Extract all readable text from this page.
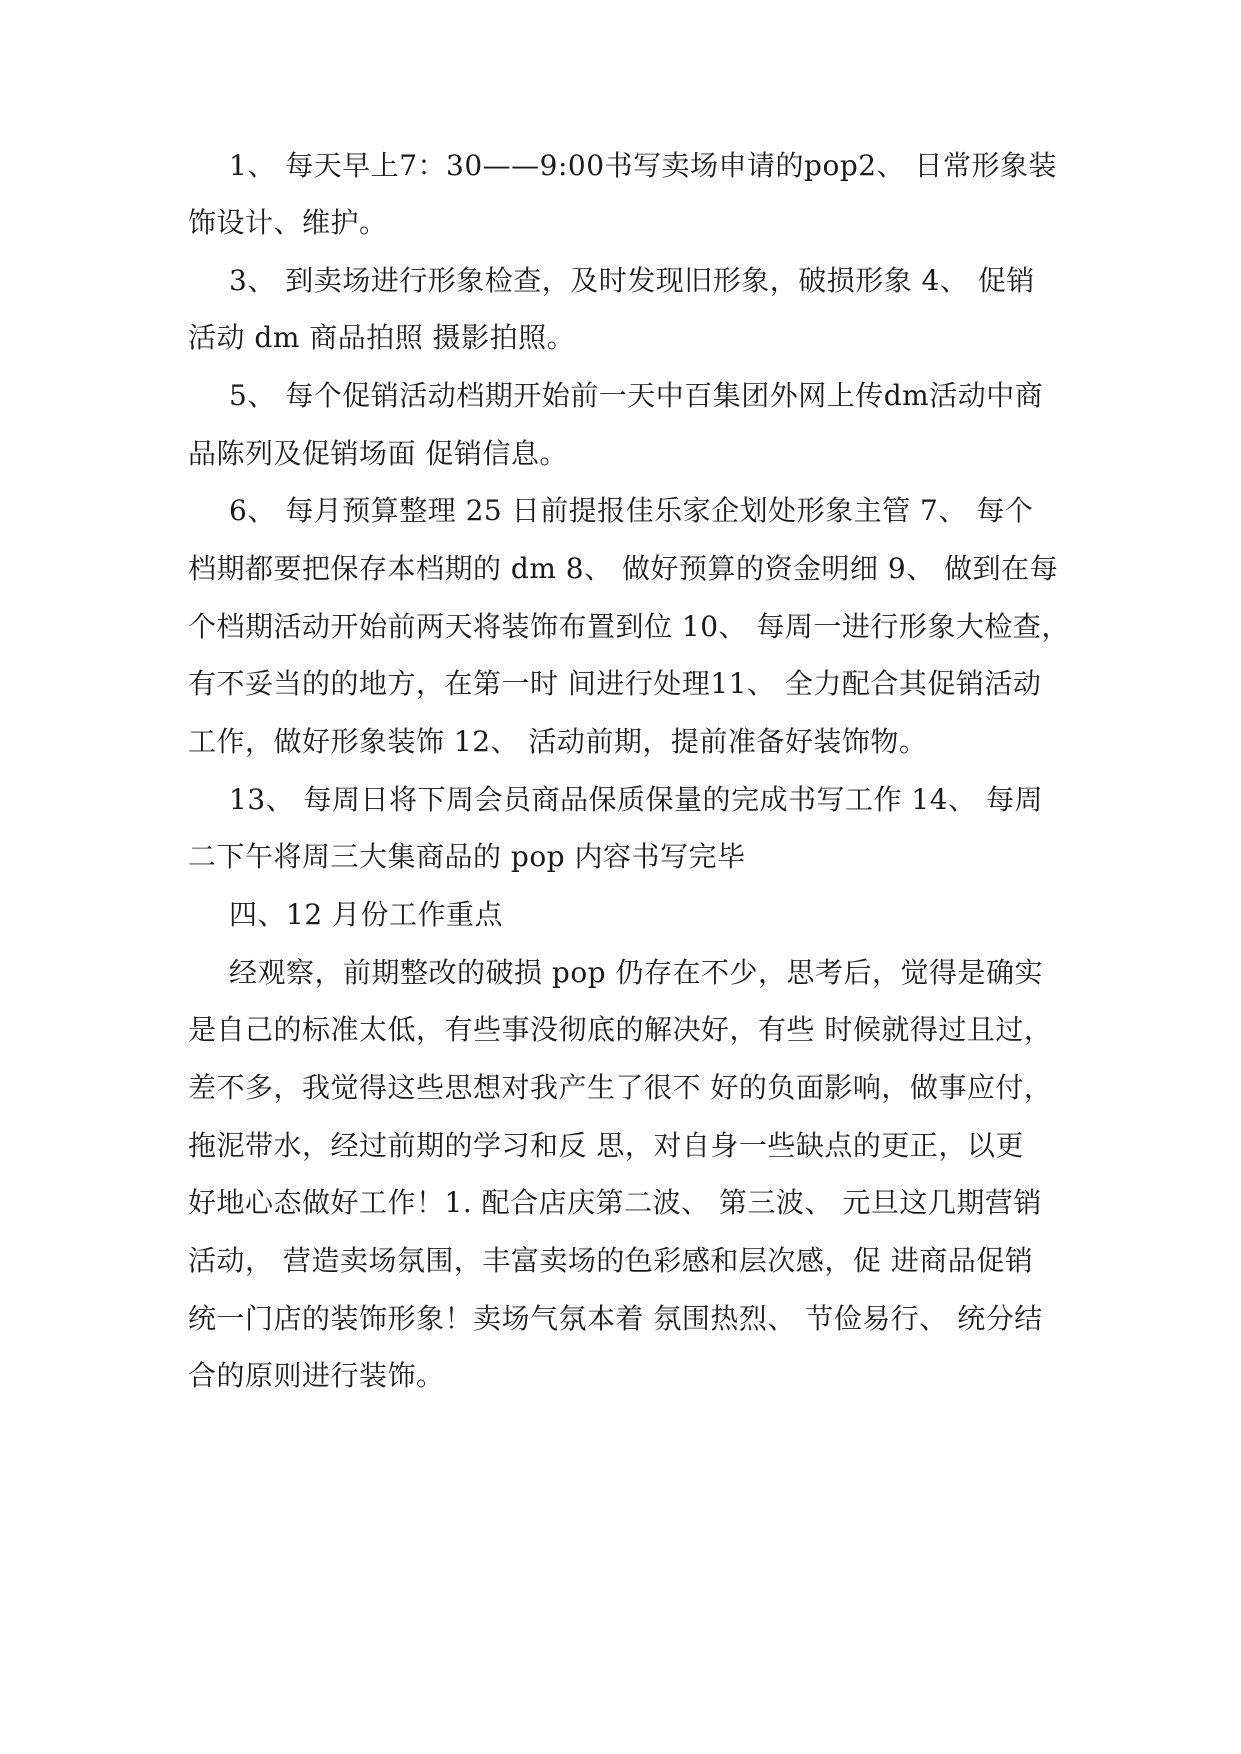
1、 每天早上7：30——9:00书写卖场申请的pop2、 日常形象装
饰设计、维护。
3、 到卖场进行形象检查，及时发现旧形象，破损形象 4、 促销
活动 dm 商品拍照 摄影拍照。
5、 每个促销活动档期开始前一天中百集团外网上传dm活动中商
品陈列及促销场面 促销信息。
6、 每月预算整理 25 日前提报佳乐家企划处形象主管 7、 每个
档期都要把保存本档期的 dm 8、 做好预算的资金明细 9、 做到在每
个档期活动开始前两天将装饰布置到位 10、 每周一进行形象大检查，
有不妥当的的地方，在第一时 间进行处理11、 全力配合其促销活动
工作，做好形象装饰 12、 活动前期，提前准备好装饰物。
13、 每周日将下周会员商品保质保量的完成书写工作 14、 每周
二下午将周三大集商品的 pop 内容书写完毕
四、12 月份工作重点
经观察，前期整改的破损 pop 仍存在不少，思考后，觉得是确实
是自己的标准太低，有些事没彻底的解决好，有些 时候就得过且过，
差不多，我觉得这些思想对我产生了很不 好的负面影响，做事应付，
拖泥带水，经过前期的学习和反 思，对自身一些缺点的更正，以更
好地心态做好工作！1. 配合店庆第二波、 第三波、 元旦这几期营销
活动， 营造卖场氛围，丰富卖场的色彩感和层次感，促 进商品促销
统一门店的装饰形象！卖场气氛本着 氛围热烈、 节俭易行、 统分结
合的原则进行装饰。
